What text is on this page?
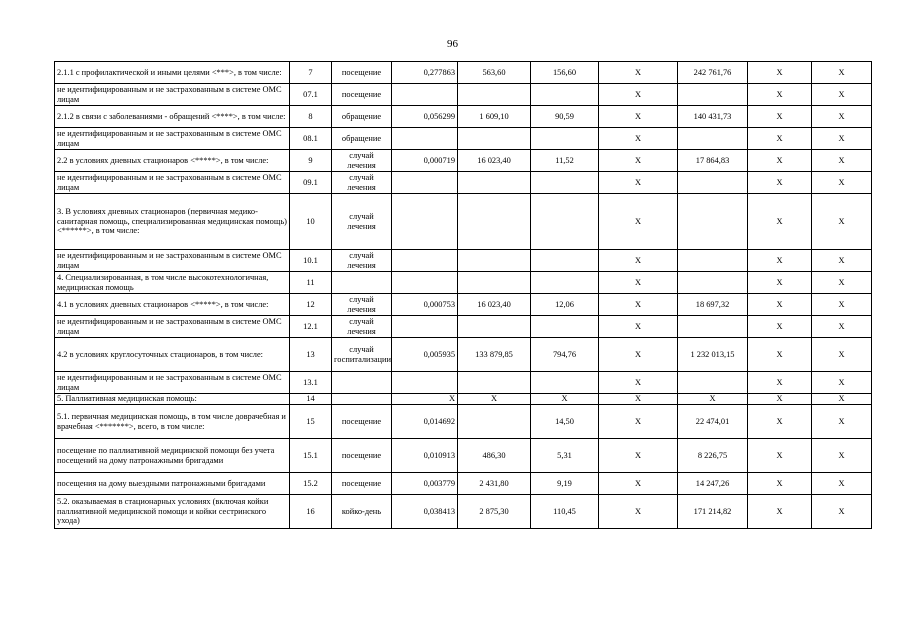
96
2.1.1 с профилактической и иными целями <***>, в том числе:	7	посещение	0,277863	563,60	156,60	Х	242 761,76	Х	Х
не идентифицированным и не застрахованным в системе ОМС лицам	07.1	посещение				Х		Х	Х
2.1.2 в связи с заболеваниями - обращений <****>, в том числе:	8	обращение	0,056299	1 609,10	90,59	Х	140 431,73	Х	Х
не идентифицированным и не застрахованным в системе ОМС лицам	08.1	обращение				Х		Х	Х
2.2 в условиях дневных стационаров <*****>, в том числе:	9	случай лечения	0,000719	16 023,40	11,52	Х	17 864,83	Х	Х
не идентифицированным и не застрахованным в системе ОМС лицам	09.1	случай лечения				Х		Х	Х
3. В условиях дневных стационаров (первичная медико-санитарная помощь, специализированная медицинская помощь) <******>, в том числе:	10	случай лечения				Х		Х	Х
не идентифицированным и не застрахованным в системе ОМС лицам	10.1	случай лечения				Х		Х	Х
4. Специализированная, в том числе высокотехнологичная, медицинская помощь	11					Х		Х	Х
4.1 в условиях дневных стационаров <*****>, в том числе:	12	случай лечения	0,000753	16 023,40	12,06	Х	18 697,32	Х	Х
не идентифицированным и не застрахованным в системе ОМС лицам	12.1	случай лечения				Х		Х	Х
4.2 в условиях круглосуточных стационаров, в том числе:	13	случай госпитализации	0,005935	133 879,85	794,76	Х	1 232 013,15	Х	Х
не идентифицированным и не застрахованным в системе ОМС лицам	13.1					Х		Х	Х
5. Паллиативная медицинская помощь:	14		Х	Х	Х	Х	Х	Х	Х
5.1. первичная медицинская помощь, в том числе доврачебная и врачебная <*******>, всего, в том числе:	15	посещение	0,014692		14,50	Х	22 474,01	Х	Х
посещение по паллиативной медицинской помощи без учета посещений на дому патронажными бригадами	15.1	посещение	0,010913	486,30	5,31	Х	8 226,75	Х	Х
посещения на дому выездными патронажными бригадами	15.2	посещение	0,003779	2 431,80	9,19	Х	14 247,26	Х	Х
5.2. оказываемая в стационарных условиях (включая койки паллиативной медицинской помощи и койки сестринского ухода)	16	койко-день	0,038413	2 875,30	110,45	Х	171 214,82	Х	Х
